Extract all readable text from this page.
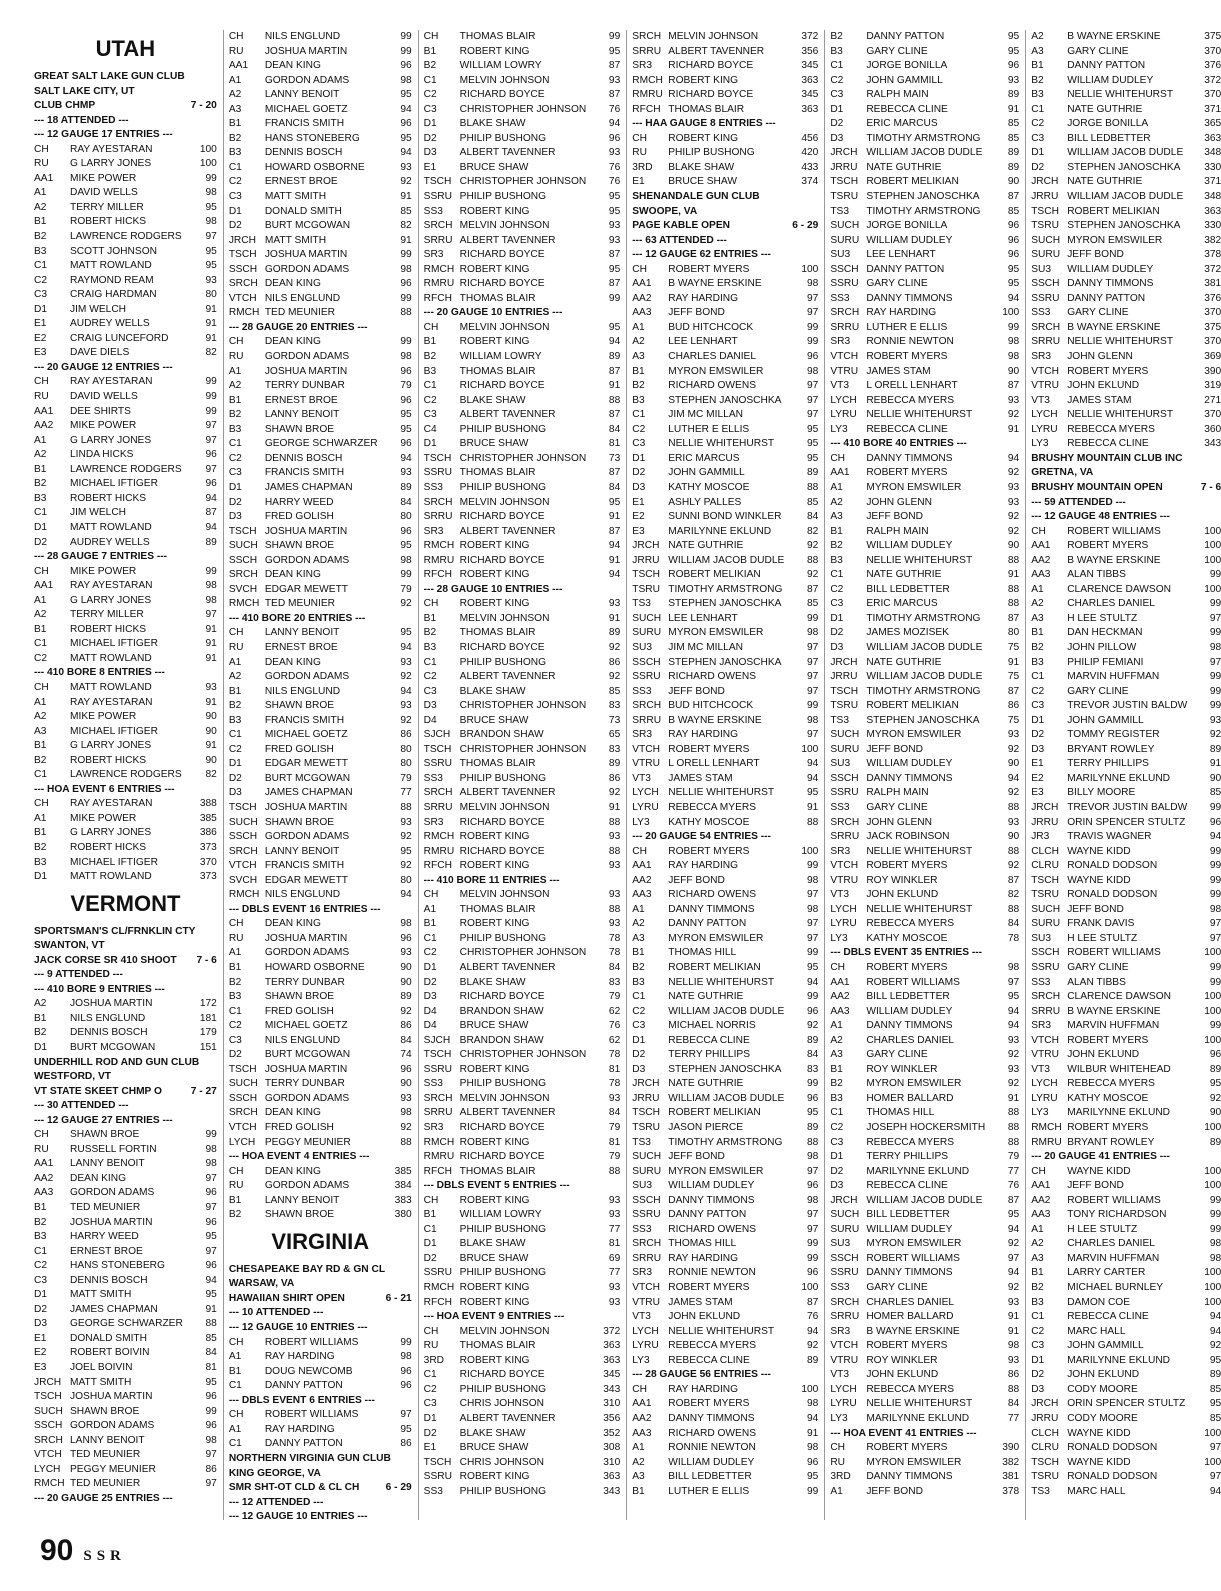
UTAH
GREAT SALT LAKE GUN CLUB
SALT LAKE CITY, UT
CLUB CHMP	7 - 20
--- 18 ATTENDED ---
--- 12 GAUGE 17 ENTRIES ---
CH	RAY AYESTARAN	100
RU	G LARRY JONES	100
AA1	MIKE POWER	99
A1	DAVID WELLS	98
A2	TERRY MILLER	95
B1	ROBERT HICKS	98
B2	LAWRENCE RODGERS	97
B3	SCOTT JOHNSON	95
C1	MATT ROWLAND	95
C2	RAYMOND REAM	93
C3	CRAIG HARDMAN	80
D1	JIM WELCH	91
E1	AUDREY WELLS	91
E2	CRAIG LUNCEFORD	91
E3	DAVE DIELS	82
--- 20 GAUGE 12 ENTRIES ---
CH	RAY AYESTARAN	99
RU	DAVID WELLS	99
AA1	DEE SHIRTS	99
AA2	MIKE POWER	97
A1	G LARRY JONES	97
A2	LINDA HICKS	96
B1	LAWRENCE RODGERS	97
B2	MICHAEL IFTIGER	96
B3	ROBERT HICKS	94
C1	JIM WELCH	87
D1	MATT ROWLAND	94
D2	AUDREY WELLS	89
--- 28 GAUGE 7 ENTRIES ---
CH	MIKE POWER	99
AA1	RAY AYESTARAN	98
A1	G LARRY JONES	98
A2	TERRY MILLER	97
B1	ROBERT HICKS	91
C1	MICHAEL IFTIGER	91
C2	MATT ROWLAND	91
--- 410 BORE 8 ENTRIES ---
CH	MATT ROWLAND	93
A1	RAY AYESTARAN	91
A2	MIKE POWER	90
A3	MICHAEL IFTIGER	90
B1	G LARRY JONES	91
B2	ROBERT HICKS	90
C1	LAWRENCE RODGERS	82
--- HOA EVENT 6 ENTRIES ---
CH	RAY AYESTARAN	388
A1	MIKE POWER	385
B1	G LARRY JONES	386
B2	ROBERT HICKS	373
B3	MICHAEL IFTIGER	370
D1	MATT ROWLAND	373
VERMONT
SPORTSMAN'S CL/FRNKLIN CTY
SWANTON, VT
JACK CORSE SR 410 SHOOT	7 - 6
--- 9 ATTENDED ---
--- 410 BORE 9 ENTRIES ---
A2	JOSHUA MARTIN	172
B1	NILS ENGLUND	181
B2	DENNIS BOSCH	179
D1	BURT MCGOWAN	151
UNDERHILL ROD AND GUN CLUB
WESTFORD, VT
VT STATE SKEET CHMP O	7 - 27
--- 30 ATTENDED ---
--- 12 GAUGE 27 ENTRIES ---
CH	SHAWN BROE	99
RU	RUSSELL FORTIN	98
AA1	LANNY BENOIT	98
AA2	DEAN KING	97
AA3	GORDON ADAMS	96
B1	TED MEUNIER	97
B2	JOSHUA MARTIN	96
B3	HARRY WEED	95
C1	ERNEST BROE	97
C2	HANS STONEBERG	96
C3	DENNIS BOSCH	94
D1	MATT SMITH	95
D2	JAMES CHAPMAN	91
D3	GEORGE SCHWARZER	88
E1	DONALD SMITH	85
E2	ROBERT BOIVIN	84
E3	JOEL BOIVIN	81
JRCH MATT SMITH	95
TSCH JOSHUA MARTIN	96
SUCH SHAWN BROE	99
SSCH GORDON ADAMS	96
SRCH LANNY BENOIT	98
VTCH TED MEUNIER	97
LYCH PEGGY MEUNIER	86
RMCH TED MEUNIER	97
--- 20 GAUGE 25 ENTRIES ---
CH	NILS ENGLUND	99
RU	JOSHUA MARTIN	99
AA1	DEAN KING	96
A1	GORDON ADAMS	98
A2	LANNY BENOIT	95
A3	MICHAEL GOETZ	94
B1	FRANCIS SMITH	96
B2	HANS STONEBERG	95
B3	DENNIS BOSCH	94
C1	HOWARD OSBORNE	93
C2	ERNEST BROE	92
C3	MATT SMITH	91
D1	DONALD SMITH	85
D2	BURT MCGOWAN	82
JRCH MATT SMITH	91
TSCH JOSHUA MARTIN	99
SSCH GORDON ADAMS	98
SRCH DEAN KING	96
VTCH NILS ENGLUND	99
RMCH TED MEUNIER	88
--- 28 GAUGE 20 ENTRIES ---
CH	DEAN KING	99
RU	GORDON ADAMS	98
A1	JOSHUA MARTIN	96
A2	TERRY DUNBAR	79
B1	ERNEST BROE	96
B2	LANNY BENOIT	95
B3	SHAWN BROE	95
C1	GEORGE SCHWARZER	96
C2	DENNIS BOSCH	94
C3	FRANCIS SMITH	93
D1	JAMES CHAPMAN	89
D2	HARRY WEED	84
D3	FRED GOLISH	80
TSCH JOSHUA MARTIN	96
SUCH SHAWN BROE	95
SSCH GORDON ADAMS	98
SRCH DEAN KING	99
SVCH EDGAR MEWETT	79
RMCH TED MEUNIER	92
--- 410 BORE 20 ENTRIES ---
CH	LANNY BENOIT	95
RU	ERNEST BROE	94
A1	DEAN KING	93
A2	GORDON ADAMS	92
B1	NILS ENGLUND	94
B2	SHAWN BROE	93
B3	FRANCIS SMITH	92
C1	MICHAEL GOETZ	86
C2	FRED GOLISH	80
D1	EDGAR MEWETT	80
D2	BURT MCGOWAN	79
D3	JAMES CHAPMAN	77
TSCH JOSHUA MARTIN	88
SUCH SHAWN BROE	93
SSCH GORDON ADAMS	92
SRCH LANNY BENOIT	95
VTCH FRANCIS SMITH	92
SVCH EDGAR MEWETT	80
RMCH NILS ENGLUND	94
--- DBLS EVENT 16 ENTRIES ---
CH	DEAN KING	98
RU	JOSHUA MARTIN	96
A1	GORDON ADAMS	93
B1	HOWARD OSBORNE	90
B2	TERRY DUNBAR	90
B3	SHAWN BROE	89
C1	FRED GOLISH	92
C2	MICHAEL GOETZ	86
C3	NILS ENGLUND	84
D2	BURT MCGOWAN	74
TSCH JOSHUA MARTIN	96
SUCH TERRY DUNBAR	90
SSCH GORDON ADAMS	93
SRCH DEAN KING	98
VTCH FRED GOLISH	92
LYCH PEGGY MEUNIER	88
--- HOA EVENT 4 ENTRIES ---
CH	DEAN KING	385
RU	GORDON ADAMS	384
B1	LANNY BENOIT	383
B2	SHAWN BROE	380
VIRGINIA
CHESAPEAKE BAY RD & GN CL
WARSAW, VA
HAWAIIAN SHIRT OPEN	6 - 21
--- 10 ATTENDED ---
--- 12 GAUGE 10 ENTRIES ---
CH	ROBERT WILLIAMS	99
A1	RAY HARDING	98
B1	DOUG NEWCOMB	96
C1	DANNY PATTON	96
--- DBLS EVENT 6 ENTRIES ---
CH	ROBERT WILLIAMS	97
A1	RAY HARDING	95
C1	DANNY PATTON	86
NORTHERN VIRGINIA GUN CLUB
KING GEORGE, VA
SMR SHT-OT CLD & CL CH	6 - 29
--- 12 ATTENDED ---
--- 12 GAUGE 10 ENTRIES ---
CH	THOMAS BLAIR	99
B1	ROBERT KING	95
B2	WILLIAM LOWRY	87
C1	MELVIN JOHNSON	93
C2	RICHARD BOYCE	87
C3	CHRISTOPHER JOHNSON	76
D1	BLAKE SHAW	94
D2	PHILIP BUSHONG	96
D3	ALBERT TAVENNER	93
E1	BRUCE SHAW	76
TSCH CHRISTOPHER JOHNSON	76
SSRU PHILIP BUSHONG	95
SS3	ROBERT KING	95
SRCH MELVIN JOHNSON	93
SRRU ALBERT TAVENNER	93
SR3	RICHARD BOYCE	87
RMCH ROBERT KING	95
RMRU RICHARD BOYCE	87
RFCH THOMAS BLAIR	99
--- 20 GAUGE 10 ENTRIES ---
CH	MELVIN JOHNSON	95
B1	ROBERT KING	94
B2	WILLIAM LOWRY	89
B3	THOMAS BLAIR	87
C1	RICHARD BOYCE	91
C2	BLAKE SHAW	88
C3	ALBERT TAVENNER	87
C4	PHILIP BUSHONG	84
D1	BRUCE SHAW	81
TSCH CHRISTOPHER JOHNSON	73
SSRU THOMAS BLAIR	87
SS3	PHILIP BUSHONG	84
SRCH MELVIN JOHNSON	95
SRRU RICHARD BOYCE	91
SR3	ALBERT TAVENNER	87
RMCH ROBERT KING	94
RMRU RICHARD BOYCE	91
RFCH ROBERT KING	94
--- 28 GAUGE 10 ENTRIES ---
CH	ROBERT KING	93
B1	MELVIN JOHNSON	91
B2	THOMAS BLAIR	89
B3	RICHARD BOYCE	92
C1	PHILIP BUSHONG	86
C2	ALBERT TAVENNER	92
C3	BLAKE SHAW	85
D3	CHRISTOPHER JOHNSON	83
D4	BRUCE SHAW	73
SJCH BRANDON SHAW	65
TSCH CHRISTOPHER JOHNSON	83
SSRU THOMAS BLAIR	89
SS3	PHILIP BUSHONG	86
SRCH ALBERT TAVENNER	92
SRRU MELVIN JOHNSON	91
SR3	RICHARD BOYCE	88
RMCH ROBERT KING	93
RMRU RICHARD BOYCE	88
RFCH ROBERT KING	93
--- 410 BORE 11 ENTRIES ---
CH	MELVIN JOHNSON	93
A1	THOMAS BLAIR	88
B1	ROBERT KING	93
C1	PHILIP BUSHONG	78
C2	CHRISTOPHER JOHNSON	78
D1	ALBERT TAVENNER	84
D2	BLAKE SHAW	83
D3	RICHARD BOYCE	79
D4	BRANDON SHAW	62
D4	BRUCE SHAW	76
SJCH BRANDON SHAW	62
TSCH CHRISTOPHER JOHNSON	78
SSRU ROBERT KING	81
SS3	PHILIP BUSHONG	78
SRCH MELVIN JOHNSON	93
SRRU ALBERT TAVENNER	84
SR3	RICHARD BOYCE	79
RMCH ROBERT KING	81
RMRU RICHARD BOYCE	79
RFCH THOMAS BLAIR	88
--- DBLS EVENT 5 ENTRIES ---
CH	ROBERT KING	93
B1	WILLIAM LOWRY	93
C1	PHILIP BUSHONG	77
D1	BLAKE SHAW	81
D2	BRUCE SHAW	69
SSRU PHILIP BUSHONG	77
RMCH ROBERT KING	93
RFCH ROBERT KING	93
--- HOA EVENT 9 ENTRIES ---
CH	MELVIN JOHNSON	372
RU	THOMAS BLAIR	363
3RD	ROBERT KING	363
C1	RICHARD BOYCE	345
C2	PHILIP BUSHONG	343
C3	CHRIS JOHNSON	310
D1	ALBERT TAVENNER	356
D2	BLAKE SHAW	352
E1	BRUCE SHAW	308
TSCH CHRIS JOHNSON	310
SSRU ROBERT KING	363
SS3	PHILIP BUSHONG	343
SRCH MELVIN JOHNSON	372
SRRU ALBERT TAVENNER	356
SR3	RICHARD BOYCE	345
RMCH ROBERT KING	363
RMRU RICHARD BOYCE	345
RFCH THOMAS BLAIR	363
--- HAA GAUGE 8 ENTRIES ---
CH	ROBERT KING	456
RU	PHILIP BUSHONG	420
3RD	BLAKE SHAW	433
E1	BRUCE SHAW	374
SHENANDALE GUN CLUB
SWOOPE, VA
PAGE KABLE OPEN	6 - 29
--- 63 ATTENDED ---
--- 12 GAUGE 62 ENTRIES ---
CH	ROBERT MYERS	100
AA1	B WAYNE ERSKINE	98
AA2	RAY HARDING	97
AA3	JEFF BOND	97
A1	BUD HITCHCOCK	99
A2	LEE LENHART	99
A3	CHARLES DANIEL	96
B1	MYRON EMSWILER	98
B2	RICHARD OWENS	97
B3	STEPHEN JANOSCHKA	97
C1	JIM MC MILLAN	97
C2	LUTHER E ELLIS	95
C3	NELLIE WHITEHURST	95
D1	ERIC MARCUS	95
D2	JOHN GAMMILL	89
D3	KATHY MOSCOE	88
E1	ASHLY PALLES	85
E2	SUNNI BOND WINKLER	84
E3	MARILYNNE EKLUND	82
JRCH NATE GUTHRIE	92
JRRU WILLIAM JACOB DUDLE	88
TSCH ROBERT MELIKIAN	92
TSRU TIMOTHY ARMSTRONG	87
TS3	STEPHEN JANOSCHKA	85
SUCH LEE LENHART	99
SURU MYRON EMSWILER	98
SU3	JIM MC MILLAN	97
SSCH STEPHEN JANOSCHKA	97
SSRU RICHARD OWENS	97
SS3	JEFF BOND	97
SRCH BUD HITCHCOCK	99
SRRU B WAYNE ERSKINE	98
SR3	RAY HARDING	97
VTCH ROBERT MYERS	100
VTRU L ORELL LENHART	94
VT3	JAMES STAM	94
LYCH NELLIE WHITEHURST	95
LYRU REBECCA MYERS	91
LY3	KATHY MOSCOE	88
--- 20 GAUGE 54 ENTRIES ---
CH	ROBERT MYERS	100
AA1	RAY HARDING	99
AA2	JEFF BOND	98
AA3	RICHARD OWENS	97
A1	DANNY TIMMONS	98
A2	DANNY PATTON	97
A3	MYRON EMSWILER	97
B1	THOMAS HILL	99
B2	ROBERT MELIKIAN	95
B3	NELLIE WHITEHURST	94
C1	NATE GUTHRIE	99
C2	WILLIAM JACOB DUDLE	96
C3	MICHAEL NORRIS	92
D1	REBECCA CLINE	89
D2	TERRY PHILLIPS	84
D3	STEPHEN JANOSCHKA	83
JRCH NATE GUTHRIE	99
JRRU WILLIAM JACOB DUDLE	96
TSCH ROBERT MELIKIAN	95
TSRU JASON PIERCE	89
TS3	TIMOTHY ARMSTRONG	88
SUCH JEFF BOND	98
SURU MYRON EMSWILER	97
SU3	WILLIAM DUDLEY	96
SSCH DANNY TIMMONS	98
SSRU DANNY PATTON	97
SS3	RICHARD OWENS	97
SRCH THOMAS HILL	99
SRRU RAY HARDING	99
SR3	RONNIE NEWTON	96
VTCH ROBERT MYERS	100
VTRU JAMES STAM	87
VT3	JOHN EKLUND	76
LYCH NELLIE WHITEHURST	94
LYRU REBECCA MYERS	92
LY3	REBECCA CLINE	89
--- 28 GAUGE 56 ENTRIES ---
CH	RAY HARDING	100
AA1	ROBERT MYERS	98
AA2	DANNY TIMMONS	94
AA3	RICHARD OWENS	91
A1	RONNIE NEWTON	98
A2	WILLIAM DUDLEY	96
A3	BILL LEDBETTER	95
B1	LUTHER E ELLIS	99
B2	DANNY PATTON	95
B3	GARY CLINE	95
C1	JORGE BONILLA	96
C2	JOHN GAMMILL	93
C3	RALPH MAIN	89
D1	REBECCA CLINE	91
D2	ERIC MARCUS	85
D3	TIMOTHY ARMSTRONG	85
JRCH WILLIAM JACOB DUDLE	89
JRRU NATE GUTHRIE	89
TSCH ROBERT MELIKIAN	90
TSRU STEPHEN JANOSCHKA	87
TS3	TIMOTHY ARMSTRONG	85
SUCH JORGE BONILLA	96
SURU WILLIAM DUDLEY	96
SU3	LEE LENHART	96
SSCH DANNY PATTON	95
SSRU GARY CLINE	95
SS3	DANNY TIMMONS	94
SRCH RAY HARDING	100
SRRU LUTHER E ELLIS	99
SR3	RONNIE NEWTON	98
VTCH ROBERT MYERS	98
VTRU JAMES STAM	90
VT3	L ORELL LENHART	87
LYCH REBECCA MYERS	93
LYRU NELLIE WHITEHURST	92
LY3	REBECCA CLINE	91
--- 410 BORE 40 ENTRIES ---
CH	DANNY TIMMONS	94
AA1	ROBERT MYERS	92
A1	MYRON EMSWILER	93
A2	JOHN GLENN	93
A3	JEFF BOND	92
B1	RALPH MAIN	92
B2	WILLIAM DUDLEY	90
B3	NELLIE WHITEHURST	88
C1	NATE GUTHRIE	91
C2	BILL LEDBETTER	88
C3	ERIC MARCUS	88
D1	TIMOTHY ARMSTRONG	87
D2	JAMES MOZISEK	80
D3	WILLIAM JACOB DUDLE	75
JRCH NATE GUTHRIE	91
JRRU WILLIAM JACOB DUDLE	75
TSCH TIMOTHY ARMSTRONG	87
TSRU ROBERT MELIKIAN	86
TS3	STEPHEN JANOSCHKA	75
SUCH MYRON EMSWILER	93
SURU JEFF BOND	92
SU3	WILLIAM DUDLEY	90
SSCH DANNY TIMMONS	94
SSRU RALPH MAIN	92
SS3	GARY CLINE	88
SRCH JOHN GLENN	93
SRRU JACK ROBINSON	90
SR3	NELLIE WHITEHURST	88
VTCH ROBERT MYERS	92
VTRU ROY WINKLER	87
VT3	JOHN EKLUND	82
LYCH NELLIE WHITEHURST	88
LYRU REBECCA MYERS	84
LY3	KATHY MOSCOE	78
--- DBLS EVENT 35 ENTRIES ---
CH	ROBERT MYERS	98
AA1	ROBERT WILLIAMS	97
AA2	BILL LEDBETTER	95
AA3	WILLIAM DUDLEY	94
A1	DANNY TIMMONS	94
A2	CHARLES DANIEL	93
A3	GARY CLINE	92
B1	ROY WINKLER	93
B2	MYRON EMSWILER	92
B3	HOMER BALLARD	91
C1	THOMAS HILL	88
C2	JOSEPH HOCKERSMITH	88
C3	REBECCA MYERS	88
D1	TERRY PHILLIPS	79
D2	MARILYNNE EKLUND	77
D3	REBECCA CLINE	76
JRCH WILLIAM JACOB DUDLE	87
SUCH BILL LEDBETTER	95
SURU WILLIAM DUDLEY	94
SU3	MYRON EMSWILER	92
SSCH ROBERT WILLIAMS	97
SSRU DANNY TIMMONS	94
SS3	GARY CLINE	92
SRCH CHARLES DANIEL	93
SRRU HOMER BALLARD	91
SR3	B WAYNE ERSKINE	91
VTCH ROBERT MYERS	98
VTRU ROY WINKLER	93
VT3	JOHN EKLUND	86
LYCH REBECCA MYERS	88
LYRU NELLIE WHITEHURST	84
LY3	MARILYNNE EKLUND	77
--- HOA EVENT 41 ENTRIES ---
CH	ROBERT MYERS	390
RU	MYRON EMSWILER	382
3RD	DANNY TIMMONS	381
A1	JEFF BOND	378
A2	B WAYNE ERSKINE	375
A3	GARY CLINE	370
B1	DANNY PATTON	376
B2	WILLIAM DUDLEY	372
B3	NELLIE WHITEHURST	370
C1	NATE GUTHRIE	371
C2	JORGE BONILLA	365
C3	BILL LEDBETTER	363
D1	WILLIAM JACOB DUDLE	348
D2	STEPHEN JANOSCHKA	330
JRCH NATE GUTHRIE	371
JRRU WILLIAM JACOB DUDLE	348
TSCH ROBERT MELIKIAN	363
TSRU STEPHEN JANOSCHKA	330
SUCH MYRON EMSWILER	382
SURU JEFF BOND	378
SU3	WILLIAM DUDLEY	372
SSCH DANNY TIMMONS	381
SSRU DANNY PATTON	376
SS3	GARY CLINE	370
SRCH B WAYNE ERSKINE	375
SRRU NELLIE WHITEHURST	370
SR3	JOHN GLENN	369
VTCH ROBERT MYERS	390
VTRU JOHN EKLUND	319
VT3	JAMES STAM	271
LYCH NELLIE WHITEHURST	370
LYRU REBECCA MYERS	360
LY3	REBECCA CLINE	343
BRUSHY MOUNTAIN CLUB INC
GRETNA, VA
BRUSHY MOUNTAIN OPEN	7 - 6
--- 59 ATTENDED ---
--- 12 GAUGE 48 ENTRIES ---
CH	ROBERT WILLIAMS	100
AA1	ROBERT MYERS	100
AA2	B WAYNE ERSKINE	100
AA3	ALAN TIBBS	99
A1	CLARENCE DAWSON	100
A2	CHARLES DANIEL	99
A3	H LEE STULTZ	97
B1	DAN HECKMAN	99
B2	JOHN PILLOW	98
B3	PHILIP FEMIANI	97
C1	MARVIN HUFFMAN	99
C2	GARY CLINE	99
C3	TREVOR JUSTIN BALDW	99
D1	JOHN GAMMILL	93
D2	TOMMY REGISTER	92
D3	BRYANT ROWLEY	89
E1	TERRY PHILLIPS	91
E2	MARILYNNE EKLUND	90
E3	BILLY MOORE	85
JRCH TREVOR JUSTIN BALDW	99
JRRU ORIN SPENCER STULTZ	96
JR3	TRAVIS WAGNER	94
CLCH WAYNE KIDD	99
CLRU RONALD DODSON	99
TSCH WAYNE KIDD	99
TSRU RONALD DODSON	99
SUCH JEFF BOND	98
SURU FRANK DAVIS	97
SU3	H LEE STULTZ	97
SSCH ROBERT WILLIAMS	100
SSRU GARY CLINE	99
SS3	ALAN TIBBS	99
SRCH CLARENCE DAWSON	100
SRRU B WAYNE ERSKINE	100
SR3	MARVIN HUFFMAN	99
VTCH ROBERT MYERS	100
VTRU JOHN EKLUND	96
VT3	WILBUR WHITEHEAD	89
LYCH REBECCA MYERS	95
LYRU KATHY MOSCOE	92
LY3	MARILYNNE EKLUND	90
RMCH ROBERT MYERS	100
RMRU BRYANT ROWLEY	89
--- 20 GAUGE 41 ENTRIES ---
CH	WAYNE KIDD	100
AA1	JEFF BOND	100
AA2	ROBERT WILLIAMS	99
AA3	TONY RICHARDSON	99
A1	H LEE STULTZ	99
A2	CHARLES DANIEL	98
A3	MARVIN HUFFMAN	98
B1	LARRY CARTER	100
B2	MICHAEL BURNLEY	100
B3	DAMON COE	100
C1	REBECCA CLINE	94
C2	MARC HALL	94
C3	JOHN GAMMILL	92
D1	MARILYNNE EKLUND	95
D2	JOHN EKLUND	89
D3	CODY MOORE	85
JRCH ORIN SPENCER STULTZ	95
JRRU CODY MOORE	85
CLCH WAYNE KIDD	100
CLRU RONALD DODSON	97
TSCH WAYNE KIDD	100
TSRU RONALD DODSON	97
TS3	MARC HALL	94
90 SSR
